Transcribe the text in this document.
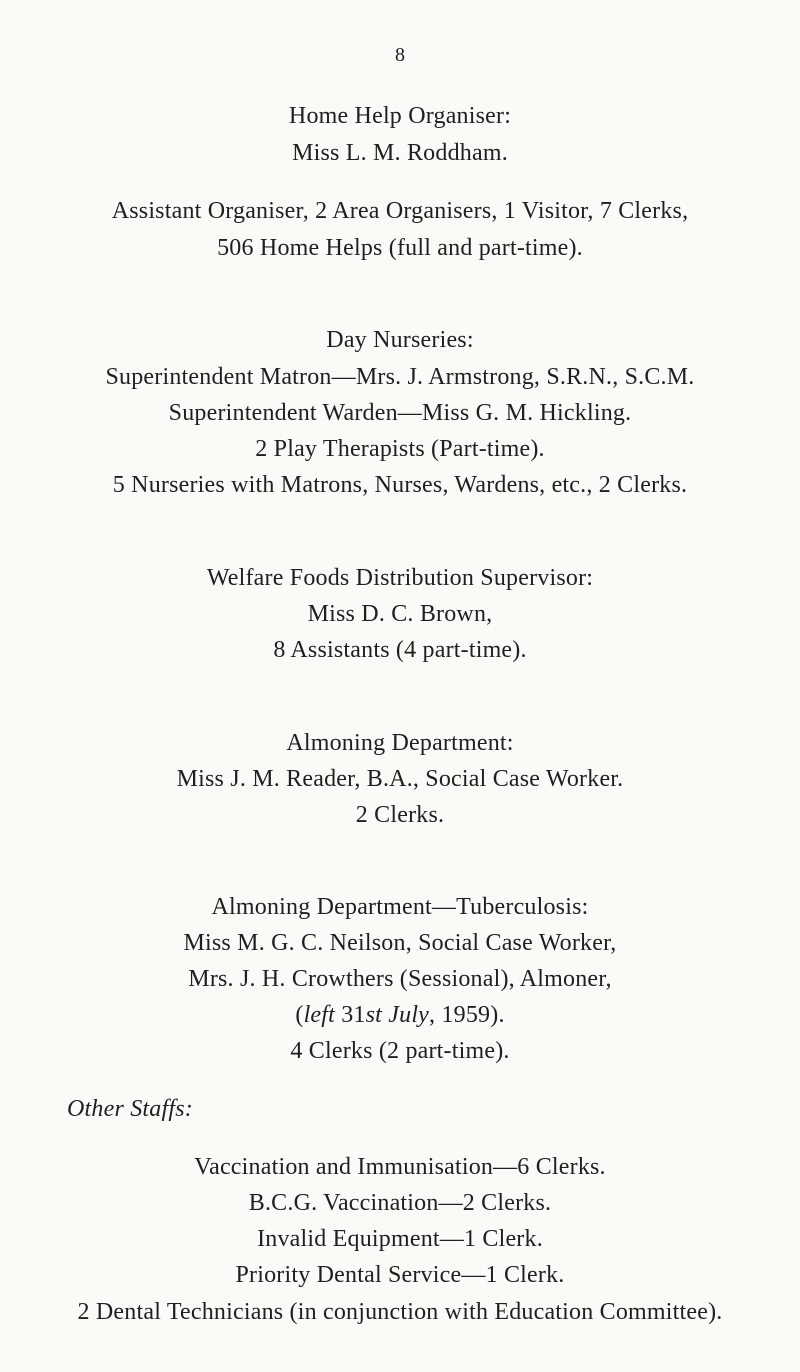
8
Home Help Organiser:
Miss L. M. Roddham.
Assistant Organiser, 2 Area Organisers, 1 Visitor, 7 Clerks,
506 Home Helps (full and part-time).
Day Nurseries:
Superintendent Matron—Mrs. J. Armstrong, S.R.N., S.C.M.
Superintendent Warden—Miss G. M. Hickling.
2 Play Therapists (Part-time).
5 Nurseries with Matrons, Nurses, Wardens, etc., 2 Clerks.
Welfare Foods Distribution Supervisor:
Miss D. C. Brown,
8 Assistants (4 part-time).
Almoning Department:
Miss J. M. Reader, B.A., Social Case Worker.
2 Clerks.
Almoning Department—Tuberculosis:
Miss M. G. C. Neilson, Social Case Worker,
Mrs. J. H. Crowthers (Sessional), Almoner,
(left 31st July, 1959).
4 Clerks (2 part-time).
Other Staffs:
Vaccination and Immunisation—6 Clerks.
B.C.G. Vaccination—2 Clerks.
Invalid Equipment—1 Clerk.
Priority Dental Service—1 Clerk.
2 Dental Technicians (in conjunction with Education Committee).
